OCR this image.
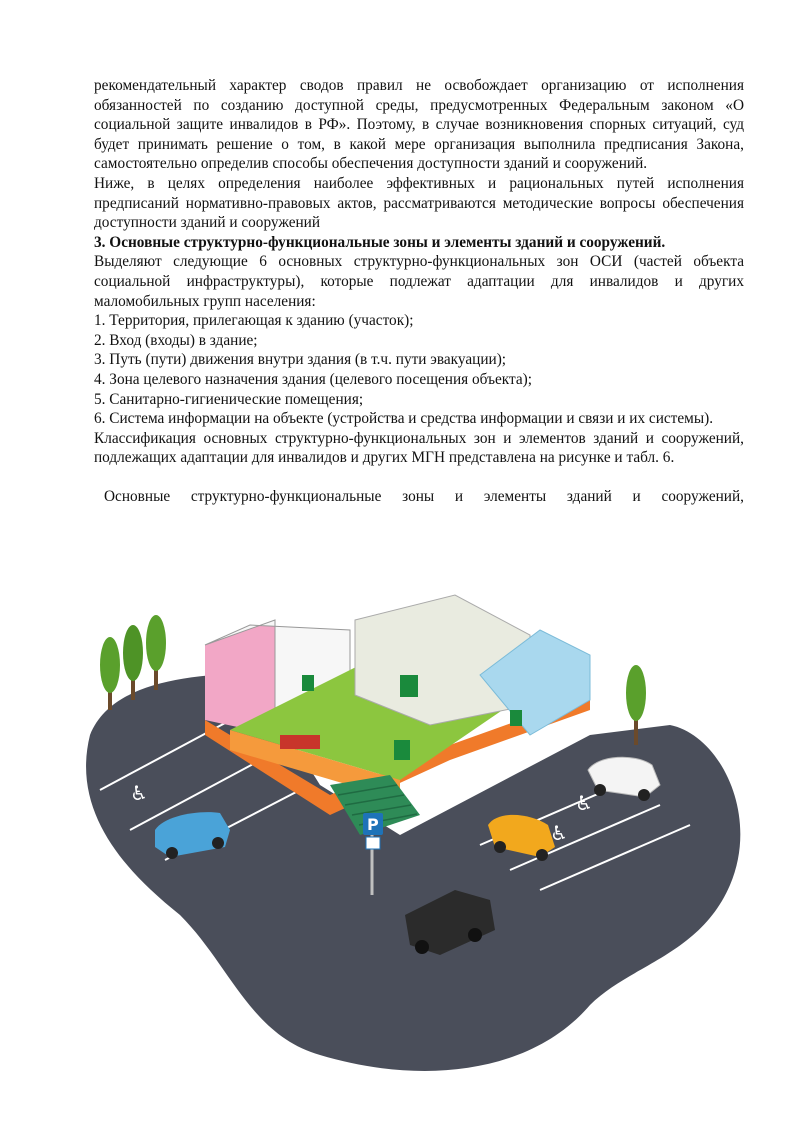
рекомендательный характер сводов правил не освобождает организацию от исполнения обязанностей по созданию доступной среды, предусмотренных Федеральным законом «О социальной защите инвалидов в РФ». Поэтому, в случае возникновения спорных ситуаций, суд будет принимать решение о том, в какой мере организация выполнила предписания Закона, самостоятельно определив способы обеспечения доступности зданий и сооружений.

Ниже, в целях определения наиболее эффективных и рациональных путей исполнения предписаний нормативно-правовых актов, рассматриваются методические вопросы обеспечения доступности зданий и сооружений

3. Основные структурно-функциональные зоны и элементы зданий и сооружений.

Выделяют следующие 6 основных структурно-функциональных зон ОСИ (частей объекта социальной инфраструктуры), которые подлежат адаптации для инвалидов и других маломобильных групп населения:

1. Территория, прилегающая к зданию (участок);

2. Вход (входы) в здание;

3. Путь (пути) движения внутри здания (в т.ч. пути эвакуации);

4. Зона целевого назначения здания (целевого посещения объекта);

5. Санитарно-гигиенические помещения;

6. Система информации на объекте (устройства и средства информации и связи и их системы).

Классификация основных структурно-функциональных зон и элементов зданий и сооружений, подлежащих адаптации для инвалидов и других МГН представлена на рисунке и табл. 6.

Основные структурно-функциональные зоны и элементы зданий и сооружений,

♿
♿
♿
P
